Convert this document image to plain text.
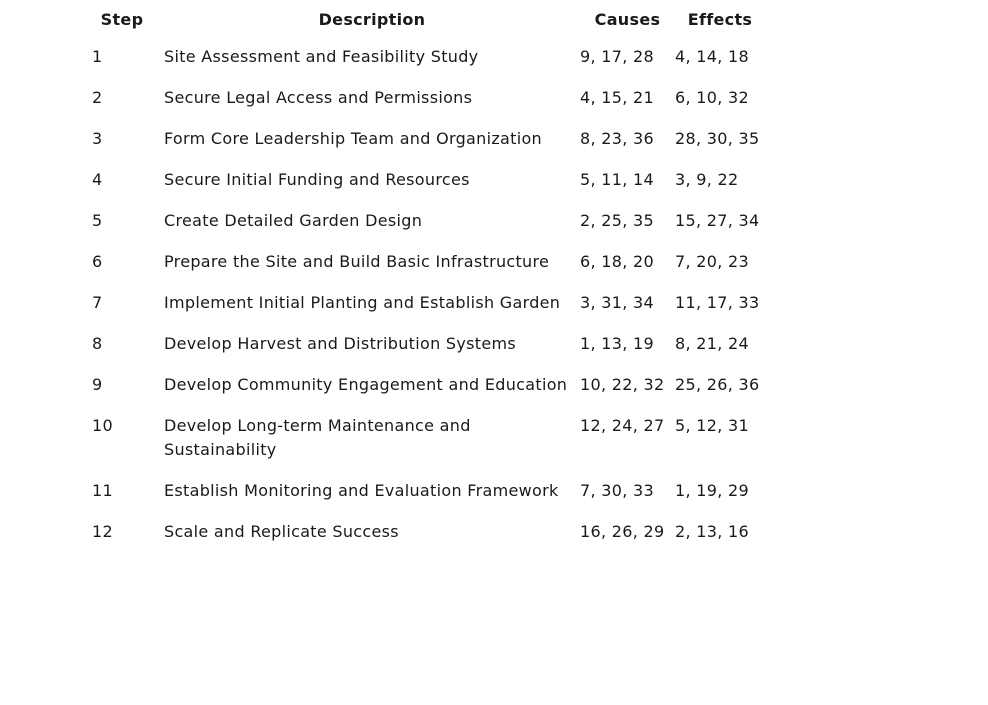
Step	Description	Causes	Effects
1	Site Assessment and Feasibility Study	9, 17, 28	4, 14, 18
2	Secure Legal Access and Permissions	4, 15, 21	6, 10, 32
3	Form Core Leadership Team and Organization	8, 23, 36	28, 30, 35
4	Secure Initial Funding and Resources	5, 11, 14	3, 9, 22
5	Create Detailed Garden Design	2, 25, 35	15, 27, 34
6	Prepare the Site and Build Basic Infrastructure	6, 18, 20	7, 20, 23
7	Implement Initial Planting and Establish Garden	3, 31, 34	11, 17, 33
8	Develop Harvest and Distribution Systems	1, 13, 19	8, 21, 24
9	Develop Community Engagement and Education	10, 22, 32	25, 26, 36
10	Develop Long-term Maintenance and Sustainability	12, 24, 27	5, 12, 31
11	Establish Monitoring and Evaluation Framework	7, 30, 33	1, 19, 29
12	Scale and Replicate Success	16, 26, 29	2, 13, 16
